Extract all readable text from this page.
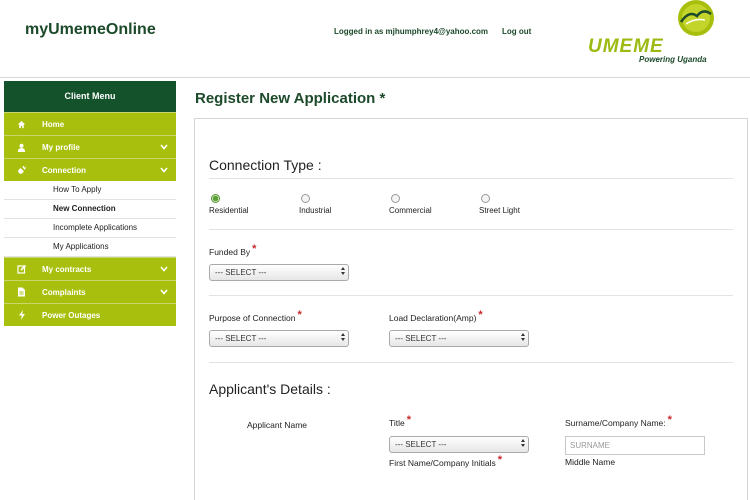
myUmemeOnline	Logged in as mjhumphrey4@yahoo.com Log out
UMEME
Powering Uganda
Client Menu
Home
My profile
Connection
How To Apply
New Connection
Incomplete Applications
My Applications
My contracts
Complaints
Power Outages
Register New Application *
Connection Type :
Residential	Industrial	Commercial	Street Light
Funded By *
--- SELECT ---
Purpose of Connection *
--- SELECT ---
Load Declaration(Amp) *
--- SELECT ---
Applicant's Details :
Applicant Name	Title *
--- SELECT ---
Surname/Company Name: *
SURNAME
First Name/Company Initials *	Middle Name
